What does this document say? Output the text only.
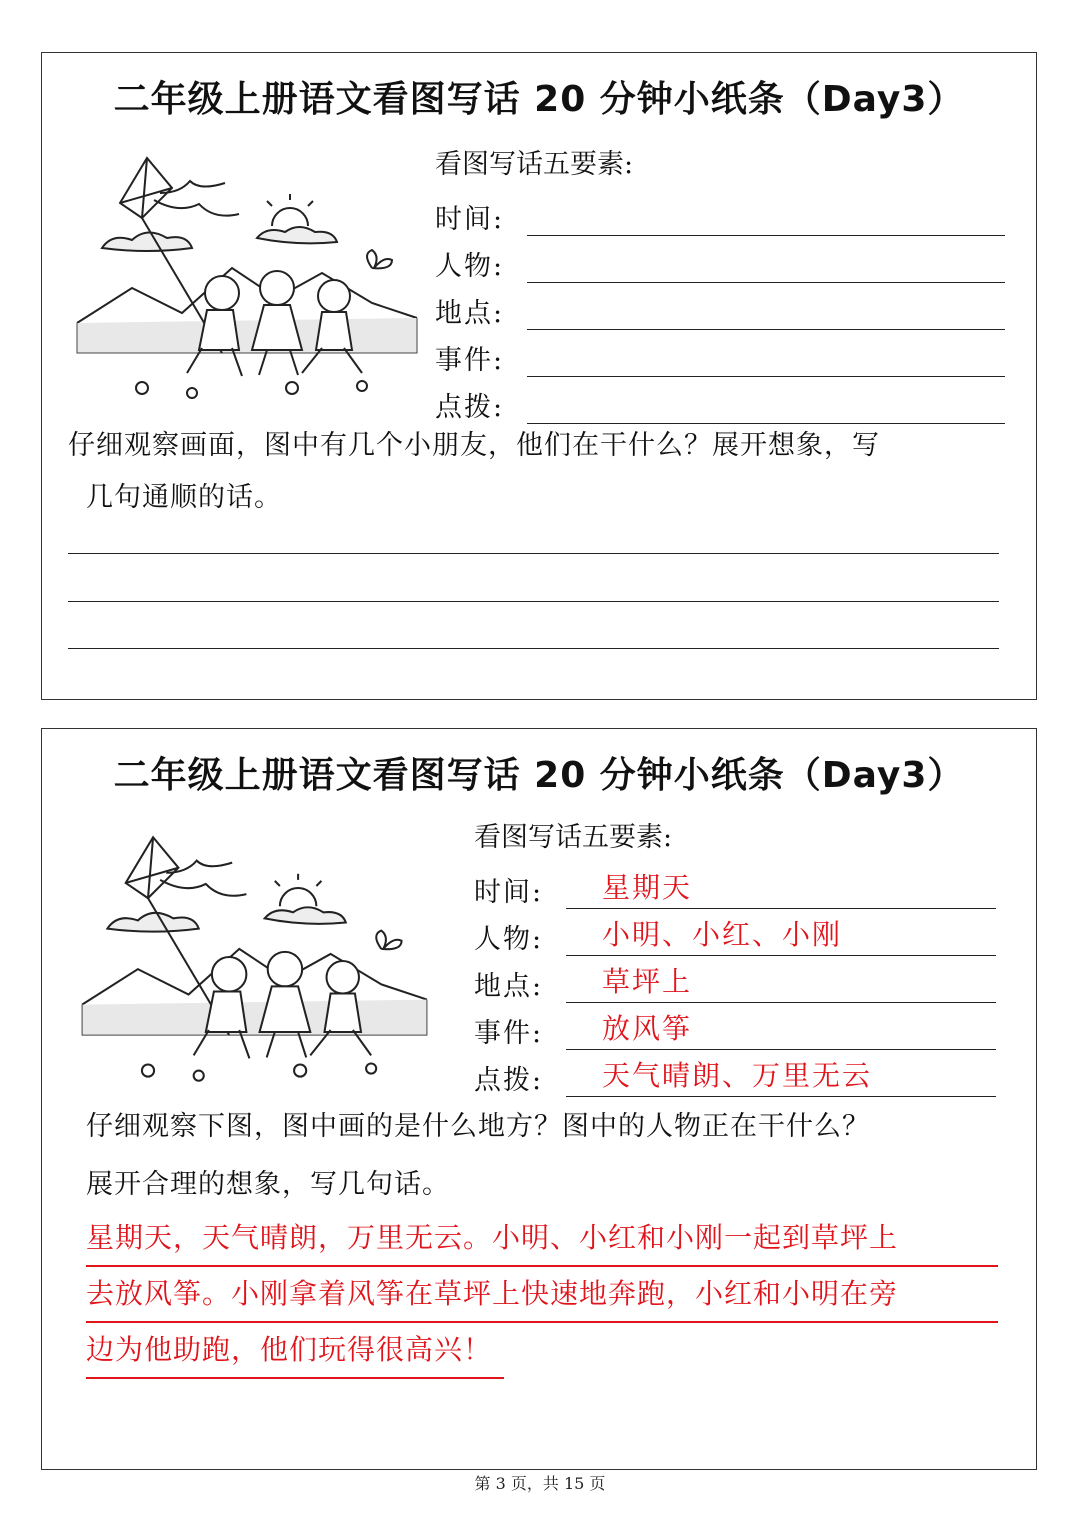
二年级上册语文看图写话 20 分钟小纸条（Day3）
看图写话五要素:
时间:
人物:
地点:
事件:
点拨:
仔细观察画面，图中有几个小朋友，他们在干什么？展开想象，写
几句通顺的话。
二年级上册语文看图写话 20 分钟小纸条（Day3）
看图写话五要素:
时间:	星期天
人物:	小明、小红、小刚
地点:	草坪上
事件:	放风筝
点拨:	天气晴朗、万里无云
仔细观察下图，图中画的是什么地方？图中的人物正在干什么？
展开合理的想象，写几句话。
星期天，天气晴朗，万里无云。小明、小红和小刚一起到草坪上
去放风筝。小刚拿着风筝在草坪上快速地奔跑，小红和小明在旁
边为他助跑，他们玩得很高兴！
第 3 页，共 15 页
